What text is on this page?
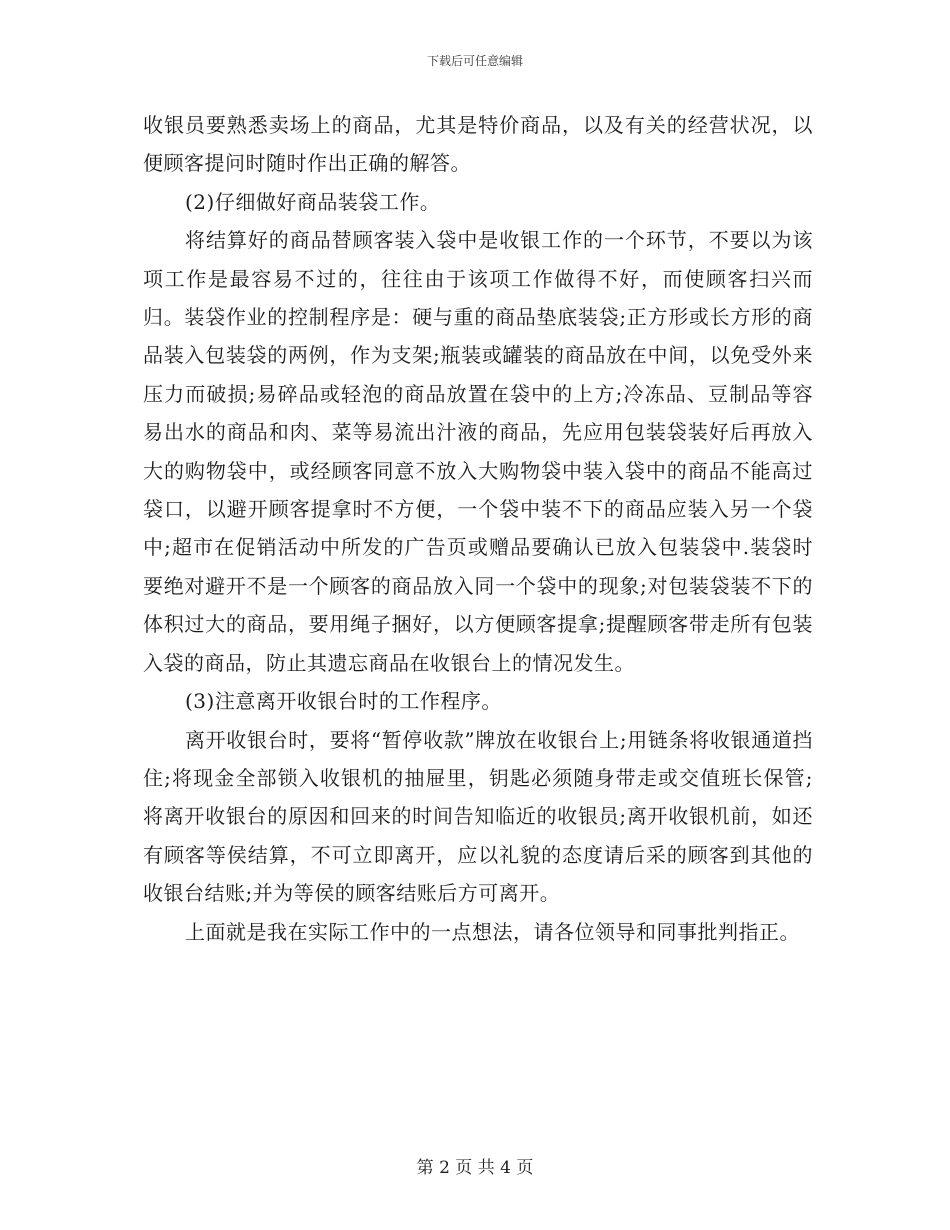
下载后可任意编辑

收银员要熟悉卖场上的商品，尤其是特价商品，以及有关的经营状况，以便顾客提问时随时作出正确的解答。

(2)仔细做好商品装袋工作。

将结算好的商品替顾客装入袋中是收银工作的一个环节，不要以为该项工作是最容易不过的，往往由于该项工作做得不好，而使顾客扫兴而归。装袋作业的控制程序是：硬与重的商品垫底装袋;正方形或长方形的商品装入包装袋的两例，作为支架;瓶装或罐装的商品放在中间，以免受外来压力而破损;易碎品或轻泡的商品放置在袋中的上方;冷冻品、豆制品等容易出水的商品和肉、菜等易流出汁液的商品，先应用包装袋装好后再放入大的购物袋中，或经顾客同意不放入大购物袋中装入袋中的商品不能高过袋口，以避开顾客提拿时不方便，一个袋中装不下的商品应装入另一个袋中;超市在促销活动中所发的广告页或赠品要确认已放入包装袋中.装袋时要绝对避开不是一个顾客的商品放入同一个袋中的现象;对包装袋装不下的体积过大的商品，要用绳子捆好，以方便顾客提拿;提醒顾客带走所有包装入袋的商品，防止其遗忘商品在收银台上的情况发生。

(3)注意离开收银台时的工作程序。

离开收银台时，要将“暂停收款”牌放在收银台上;用链条将收银通道挡住;将现金全部锁入收银机的抽屉里，钥匙必须随身带走或交值班长保管;将离开收银台的原因和回来的时间告知临近的收银员;离开收银机前，如还有顾客等侯结算，不可立即离开，应以礼貌的态度请后采的顾客到其他的收银台结账;并为等侯的顾客结账后方可离开。

上面就是我在实际工作中的一点想法，请各位领导和同事批判指正。

第 2 页 共 4 页
